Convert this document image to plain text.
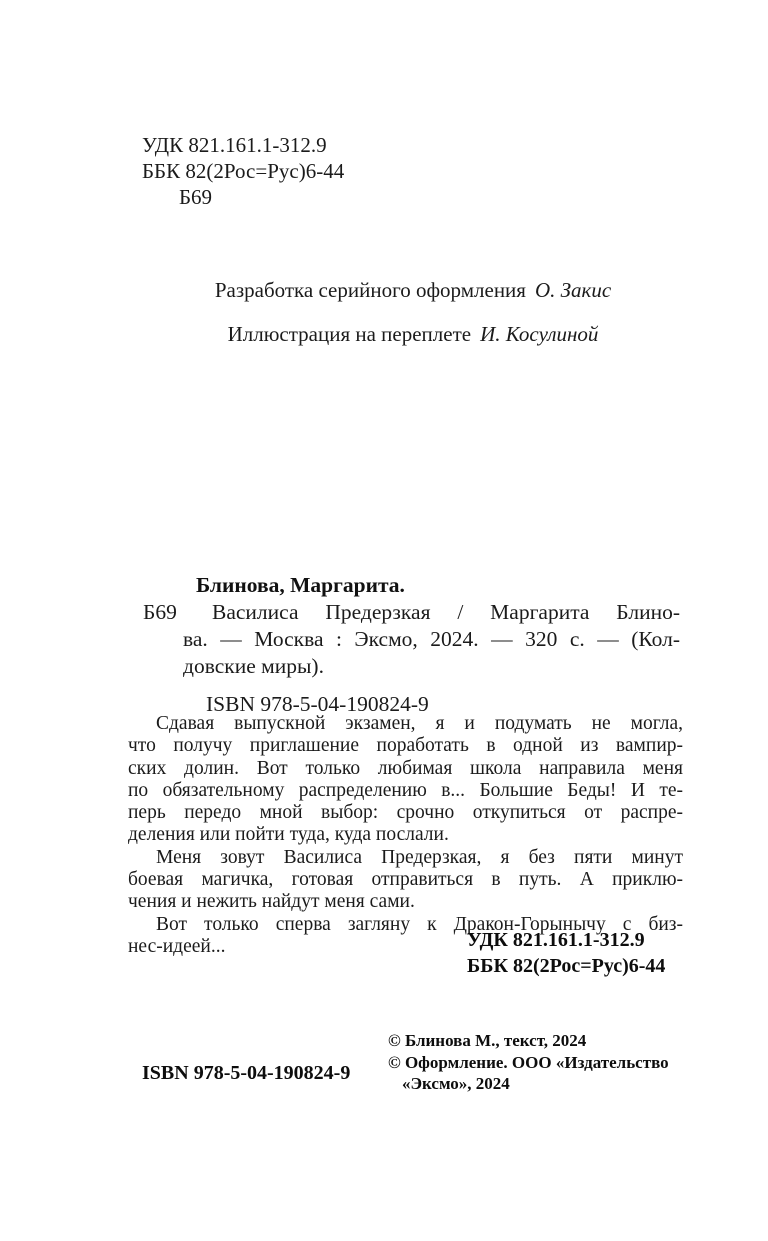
УДК 821.161.1-312.9
ББК 82(2Рос=Рус)6-44
Б69
Разработка серийного оформления О. Закис
Иллюстрация на переплете И. Косулиной
Б69
Блинова, Маргарита.
Василиса Предерзкая / Маргарита Блино-
ва. — Москва : Эксмо, 2024. — 320 с. — (Кол-
довские миры).
ISBN 978-5-04-190824-9
Сдавая выпускной экзамен, я и подумать не могла,
что получу приглашение поработать в одной из вампир-
ских долин. Вот только любимая школа направила меня
по обязательному распределению в... Большие Беды! И те-
перь передо мной выбор: срочно откупиться от распре-
деления или пойти туда, куда послали.
Меня зовут Василиса Предерзкая, я без пяти минут
боевая магичка, готовая отправиться в путь. А приклю-
чения и нежить найдут меня сами.
Вот только сперва загляну к Дракон-Горынычу с биз-
нес-идеей...	УДК 821.161.1-312.9
ББК 82(2Рос=Рус)6-44
ISBN 978-5-04-190824-9
© Блинова М., текст, 2024
© Оформление. ООО «Издательство
«Эксмо», 2024
